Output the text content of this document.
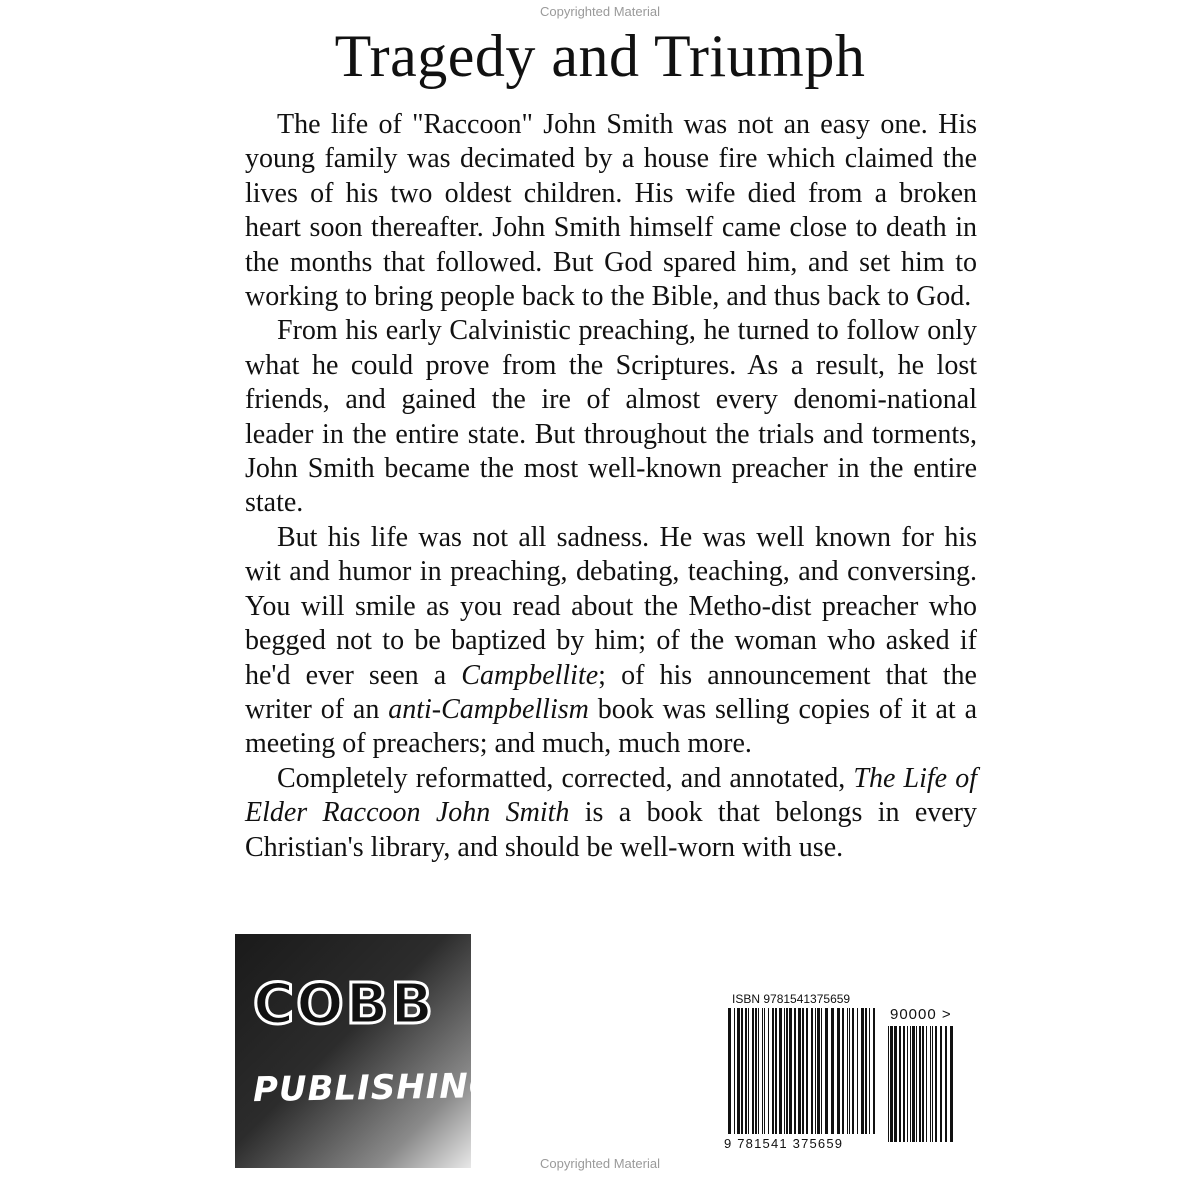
Copyrighted Material
Tragedy and Triumph

The life of "Raccoon" John Smith was not an easy one. His young family was decimated by a house fire which claimed the lives of his two oldest children. His wife died from a broken heart soon thereafter. John Smith himself came close to death in the months that followed. But God spared him, and set him to working to bring people back to the Bible, and thus back to God.

From his early Calvinistic preaching, he turned to follow only what he could prove from the Scriptures. As a result, he lost friends, and gained the ire of almost every denomi-national leader in the entire state. But throughout the trials and torments, John Smith became the most well-known preacher in the entire state.

But his life was not all sadness. He was well known for his wit and humor in preaching, debating, teaching, and conversing. You will smile as you read about the Metho-dist preacher who begged not to be baptized by him; of the woman who asked if he'd ever seen a Campbellite; of his announcement that the writer of an anti-Campbellism book was selling copies of it at a meeting of preachers; and much, much more.

Completely reformatted, corrected, and annotated, The Life of Elder Raccoon John Smith is a book that belongs in every Christian's library, and should be well-worn with use.

COBB
PUBLISHING
ISBN 9781541375659
90000 >
9 781541 375659
Copyrighted Material
